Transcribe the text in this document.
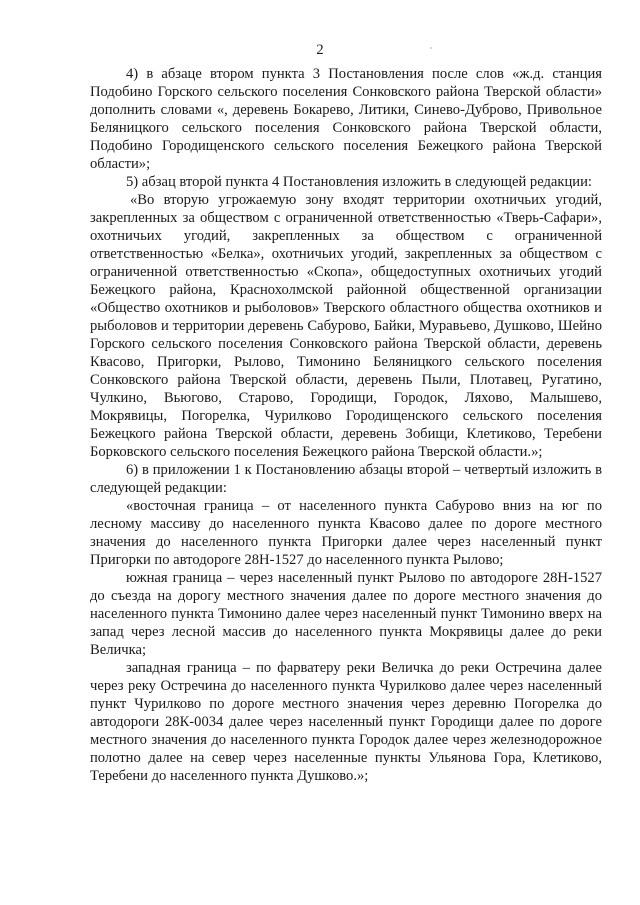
2

4) в абзаце втором пункта 3 Постановления после слов «ж.д. станция Подобино Горского сельского поселения Сонковского района Тверской области» дополнить словами «, деревень Бокарево, Литики, Синево-Дуброво, Привольное Беляницкого сельского поселения Сонковского района Тверской области, Подобино Городищенского сельского поселения Бежецкого района Тверской области»;

5) абзац второй пункта 4 Постановления изложить в следующей редакции:

«Во вторую угрожаемую зону входят территории охотничьих угодий, закрепленных за обществом с ограниченной ответственностью «Тверь-Сафари», охотничьих угодий, закрепленных за обществом с ограниченной ответственностью «Белка», охотничьих угодий, закрепленных за обществом с ограниченной ответственностью «Скопа», общедоступных охотничьих угодий Бежецкого района, Краснохолмской районной общественной организации «Общество охотников и рыболовов» Тверского областного общества охотников и рыболовов и территории деревень Сабурово, Байки, Муравьево, Душково, Шейно Горского сельского поселения Сонковского района Тверской области, деревень Квасово, Пригорки, Рылово, Тимонино Беляницкого сельского поселения Сонковского района Тверской области, деревень Пыли, Плотавец, Ругатино, Чулкино, Вьюгово, Старово, Городищи, Городок, Ляхово, Малышево, Мокрявицы, Погорелка, Чурилково Городищенского сельского поселения Бежецкого района Тверской области, деревень Зобищи, Клетиково, Теребени Борковского сельского поселения Бежецкого района Тверской области.»;

6) в приложении 1 к Постановлению абзацы второй – четвертый изложить в следующей редакции:

«восточная граница – от населенного пункта Сабурово вниз на юг по лесному массиву до населенного пункта Квасово далее по дороге местного значения до населенного пункта Пригорки далее через населенный пункт Пригорки по автодороге 28Н-1527 до населенного пункта Рылово;

южная граница – через населенный пункт Рылово по автодороге 28Н-1527 до съезда на дорогу местного значения далее по дороге местного значения до населенного пункта Тимонино далее через населенный пункт Тимонино вверх на запад через лесной массив до населенного пункта Мокрявицы далее до реки Величка;

западная граница – по фарватеру реки Величка до реки Остречина далее через реку Остречина до населенного пункта Чурилково далее через населенный пункт Чурилково по дороге местного значения через деревню Погорелка до автодороги 28К-0034 далее через населенный пункт Городищи далее по дороге местного значения до населенного пункта Городок далее через железнодорожное полотно далее на север через населенные пункты Ульянова Гора, Клетиково, Теребени до населенного пункта Душково.»;
